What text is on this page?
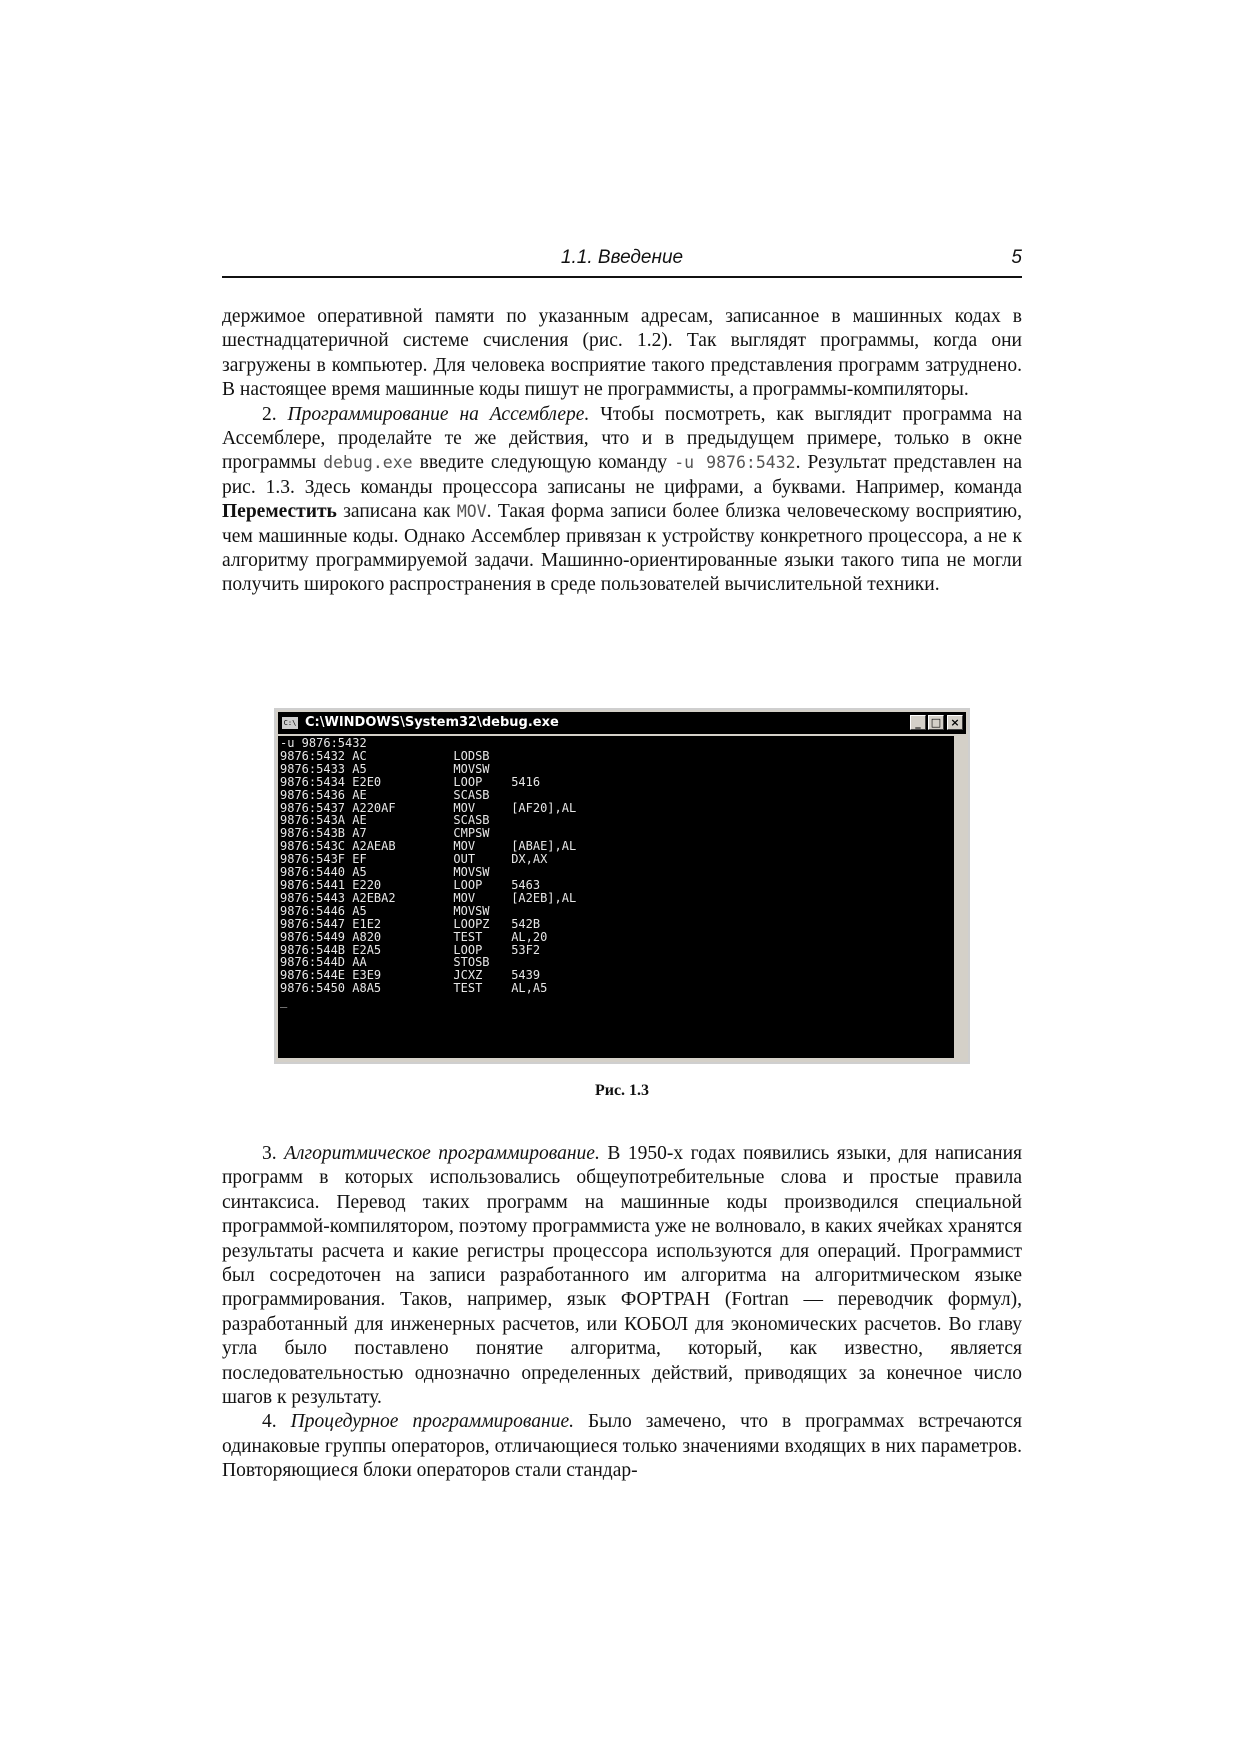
1.1. Введение	5

держимое оперативной памяти по указанным адресам, записанное в машинных кодах в шестнадцатеричной системе счисления (рис. 1.2). Так выглядят программы, когда они загружены в компьютер. Для человека восприятие такого представления программ затруднено. В настоящее время машинные коды пишут не программисты, а программы-компиляторы.

2. Программирование на Ассемблере. Чтобы посмотреть, как выглядит программа на Ассемблере, проделайте те же действия, что и в предыдущем примере, только в окне программы debug.exe введите следующую команду -u 9876:5432. Результат представлен на рис. 1.3. Здесь команды процессора записаны не цифрами, а буквами. Например, команда Переместить записана как MOV. Такая форма записи более близка человеческому восприятию, чем машинные коды. Однако Ассемблер привязан к устройству конкретного процессора, а не к алгоритму программируемой задачи. Машинно-ориентированные языки такого типа не могли получить широкого распространения в среде пользователей вычислительной техники.

C:\ C:\WINDOWS\System32\debug.exe	_ □ ×
-u 9876:5432
9876:5432 AC            LODSB
9876:5433 A5            MOVSW
9876:5434 E2E0          LOOP    5416
9876:5436 AE            SCASB
9876:5437 A220AF        MOV     [AF20],AL
9876:543A AE            SCASB
9876:543B A7            CMPSW
9876:543C A2AEAB        MOV     [ABAE],AL
9876:543F EF            OUT     DX,AX
9876:5440 A5            MOVSW
9876:5441 E220          LOOP    5463
9876:5443 A2EBA2        MOV     [A2EB],AL
9876:5446 A5            MOVSW
9876:5447 E1E2          LOOPZ   542B
9876:5449 A820          TEST    AL,20
9876:544B E2A5          LOOP    53F2
9876:544D AA            STOSB
9876:544E E3E9          JCXZ    5439
9876:5450 A8A5          TEST    AL,A5
_
Рис. 1.3

3. Алгоритмическое программирование. В 1950-х годах появились языки, для написания программ в которых использовались общеупотребительные слова и простые правила синтаксиса. Перевод таких программ на машинные коды производился специальной программой-компилятором, поэтому программиста уже не волновало, в каких ячейках хранятся результаты расчета и какие регистры процессора используются для операций. Программист был сосредоточен на записи разработанного им алгоритма на алгоритмическом языке программирования. Таков, например, язык ФОРТРАН (Fortran — переводчик формул), разработанный для инженерных расчетов, или КОБОЛ для экономических расчетов. Во главу угла было поставлено понятие алгоритма, который, как известно, является последовательностью однозначно определенных действий, приводящих за конечное число шагов к результату.

4. Процедурное программирование. Было замечено, что в программах встречаются одинаковые группы операторов, отличающиеся только значениями входящих в них параметров. Повторяющиеся блоки операторов стали стандар-
